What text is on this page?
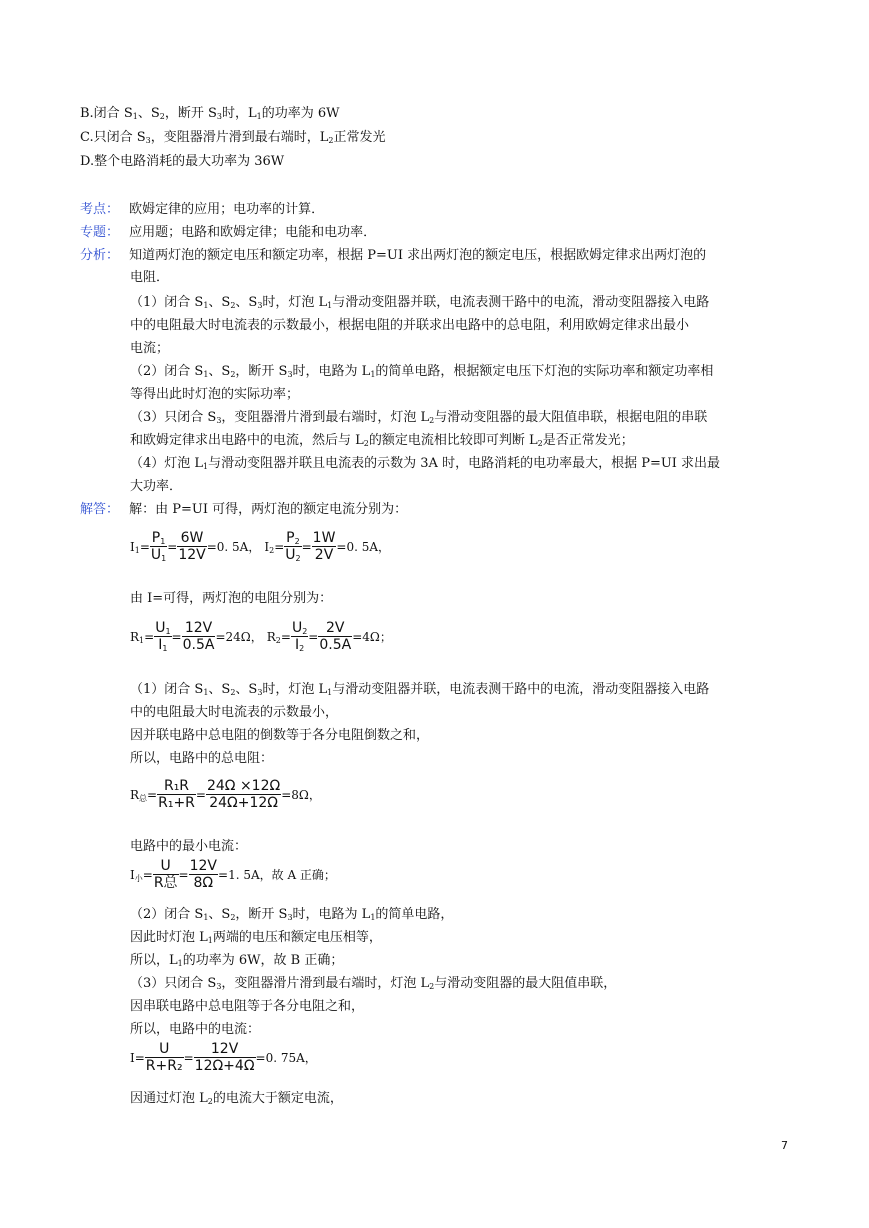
B.闭合 $S_1$、$S_2$，断开 $S_3$时，$L_1$的功率为 6W
C.只闭合 $S_3$，变阻器滑片滑到最右端时，$L_2$正常发光
D.整个电路消耗的最大功率为 36W
考点： 欧姆定律的应用；电功率的计算．
专题： 应用题；电路和欧姆定律；电能和电功率．
分析： 知道两灯泡的额定电压和额定功率，根据 P=UI 求出两灯泡的额定电压，根据欧姆定律求出两灯泡的
电阻．
（1）闭合 $S_1$、$S_2$、$S_3$时，灯泡 $L_1$与滑动变阻器并联，电流表测干路中的电流，滑动变阻器接入电路
中的电阻最大时电流表的示数最小，根据电阻的并联求出电路中的总电阻，利用欧姆定律求出最小
电流；
（2）闭合 $S_1$、$S_2$，断开 $S_3$时，电路为 $L_1$的简单电路，根据额定电压下灯泡的实际功率和额定功率相
等得出此时灯泡的实际功率；
（3）只闭合 $S_3$，变阻器滑片滑到最右端时，灯泡 $L_2$与滑动变阻器的最大阻值串联，根据电阻的串联
和欧姆定律求出电路中的电流，然后与 $L_2$的额定电流相比较即可判断 $L_2$是否正常发光；
（4）灯泡 $L_1$与滑动变阻器并联且电流表的示数为 3A 时，电路消耗的电功率最大，根据 P=UI 求出最
大功率．
解答： 解：由 P=UI 可得，两灯泡的额定电流分别为：
$I_1= \frac{P_1}{U_1} = \frac{6W}{12V} =0$. 5A， $I_2= \frac{P_2}{U_2} = \frac{1W}{2V} =0$. 5A，
由 I=可得，两灯泡的电阻分别为：
$R_1= \frac{U_1}{I_1} = \frac{12V}{0.5A} =24\Omega$， $R_2= \frac{U_2}{I_2} = \frac{2V}{0.5A} =4\Omega$；
（1）闭合 $S_1$、$S_2$、$S_3$时，灯泡 $L_1$与滑动变阻器并联，电流表测干路中的电流，滑动变阻器接入电路
中的电阻最大时电流表的示数最小，
因并联电路中总电阻的倒数等于各分电阻倒数之和，
所以，电路中的总电阻：
$R_总= \frac{\text{R₁R}}{\text{R₁+R}} = \frac{24\Omega \times 12\Omega}{24\Omega+12\Omega} =8\Omega$，
电路中的最小电流：
$I_小= \frac{U}{\text{R总}} = \frac{12V}{8\Omega} =1$. 5A，故 A 正确；
（2）闭合 $S_1$、$S_2$，断开 $S_3$时，电路为 $L_1$的简单电路，
因此时灯泡 $L_1$两端的电压和额定电压相等，
所以，$L_1$的功率为 6W，故 B 正确；
（3）只闭合 $S_3$，变阻器滑片滑到最右端时，灯泡 $L_2$与滑动变阻器的最大阻值串联，
因串联电路中总电阻等于各分电阻之和，
所以，电路中的电流：
$I= \frac{U}{\text{R+R₂}} = \frac{12V}{12\Omega+4\Omega} =0$. 75A，
因通过灯泡 $L_2$的电流大于额定电流，
7
